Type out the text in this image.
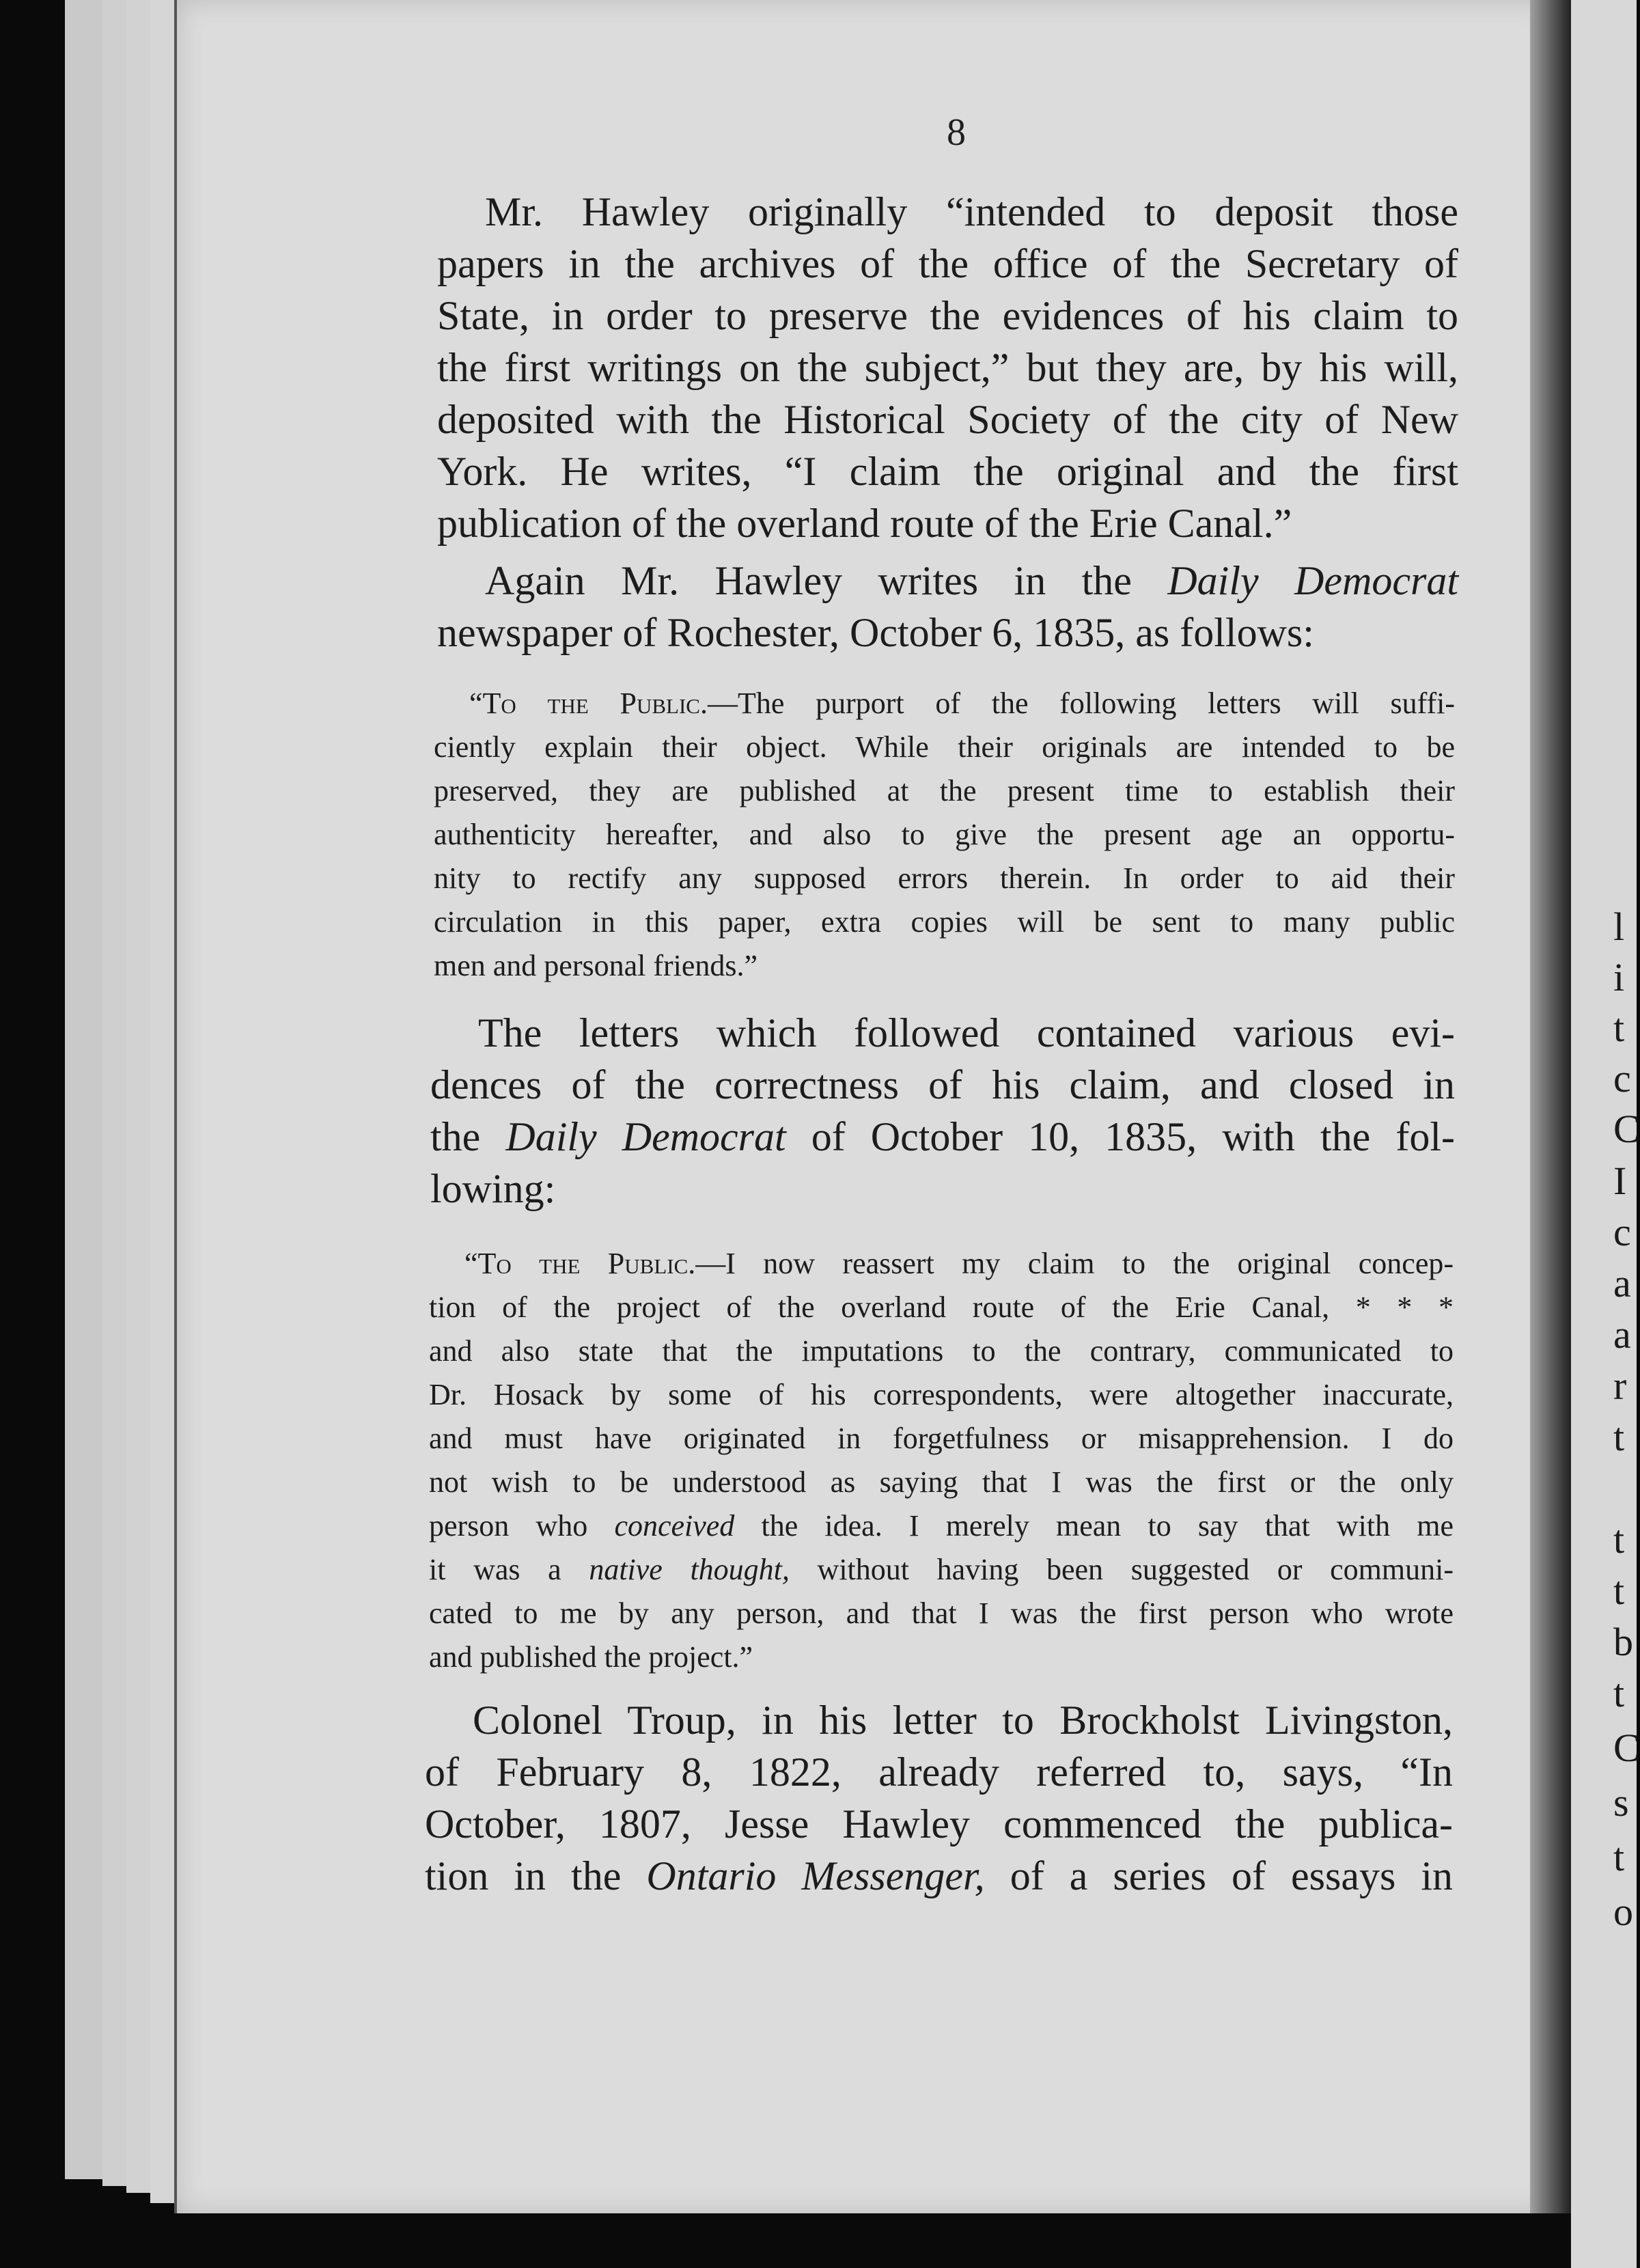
l
i
t
c
C
I
c
a
a
r
t
t
t
b
t
C
s
t
o
8
Mr. Hawley originally “intended to deposit those
papers in the archives of the office of the Secretary of
State, in order to preserve the evidences of his claim to
the first writings on the subject,” but they are, by his will,
deposited with the Historical Society of the city of New
York. He writes, “I claim the original and the first
publication of the overland route of the Erie Canal.”
Again Mr. Hawley writes in the Daily Democrat
newspaper of Rochester, October 6, 1835, as follows:
“To the Public.—The purport of the following letters will suffi-
ciently explain their object. While their originals are intended to be
preserved, they are published at the present time to establish their
authenticity hereafter, and also to give the present age an opportu-
nity to rectify any supposed errors therein. In order to aid their
circulation in this paper, extra copies will be sent to many public
men and personal friends.”
The letters which followed contained various evi-
dences of the correctness of his claim, and closed in
the Daily Democrat of October 10, 1835, with the fol-
lowing:
“To the Public.—I now reassert my claim to the original concep-
tion of the project of the overland route of the Erie Canal, * * *
and also state that the imputations to the contrary, communicated to
Dr. Hosack by some of his correspondents, were altogether inaccurate,
and must have originated in forgetfulness or misapprehension. I do
not wish to be understood as saying that I was the first or the only
person who conceived the idea. I merely mean to say that with me
it was a native thought, without having been suggested or communi-
cated to me by any person, and that I was the first person who wrote
and published the project.”
Colonel Troup, in his letter to Brockholst Livingston,
of February 8, 1822, already referred to, says, “In
October, 1807, Jesse Hawley commenced the publica-
tion in the Ontario Messenger, of a series of essays in
